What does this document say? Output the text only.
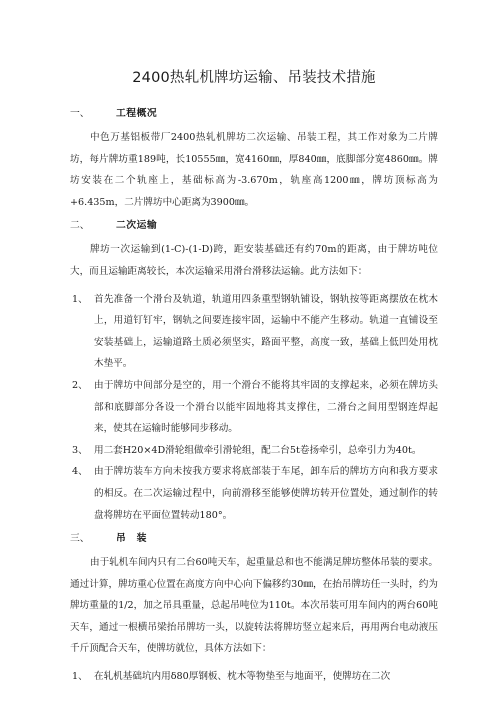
2400热轧机牌坊运输、吊装技术措施
一、	工程概况

中色万基铝板带厂2400热轧机牌坊二次运输、吊装工程，其工作对象为二片牌坊，每片牌坊重189吨，长10555㎜，宽4160㎜，厚840㎜，底脚部分宽4860㎜。牌坊安装在二个轨座上，基础标高为-3.670m，轨座高1200㎜，牌坊顶标高为+6.435m，二片牌坊中心距离为3900㎜。

二、	二次运输

牌坊一次运输到(1-C)-(1-D)跨，距安装基础还有约70m的距离，由于牌坊吨位大，而且运输距离较长，本次运输采用滑台滑移法运输。此方法如下：

1、 首先准备一个滑台及轨道，轨道用四条重型钢轨铺设，钢轨按等距离摆放在枕木上，用道钉钉牢，钢轨之间要连接牢固，运输中不能产生移动。轨道一直铺设至安装基础上，运输道路土质必须坚实，路面平整，高度一致，基础上低凹处用枕木垫平。
2、 由于牌坊中间部分是空的，用一个滑台不能将其牢固的支撑起来，必须在牌坊头部和底脚部分各设一个滑台以能牢固地将其支撑住，二滑台之间用型钢连焊起来，使其在运输时能够同步移动。
3、 用二套H20×4D滑轮组做牵引滑轮组，配二台5t卷扬牵引，总牵引力为40t。
4、 由于牌坊装车方向未按我方要求将底部装于车尾，卸车后的牌坊方向和我方要求的相反。在二次运输过程中，向前滑移至能够使牌坊转开位置处，通过制作的转盘将牌坊在平面位置转动180°。
三、	吊　装

由于轧机车间内只有二台60吨天车，起重量总和也不能满足牌坊整体吊装的要求。通过计算，牌坊重心位置在高度方向中心向下偏移约30㎜，在抬吊牌坊任一头时，约为牌坊重量的1/2，加之吊具重量，总起吊吨位为110t。本次吊装可用车间内的两台60吨天车，通过一根横吊梁抬吊牌坊一头，以旋转法将牌坊竖立起来后，再用两台电动液压千斤顶配合天车，使牌坊就位，具体方法如下：

1、 在轧机基础坑内用δ80厚钢板、枕木等物垫至与地面平，使牌坊在二次
